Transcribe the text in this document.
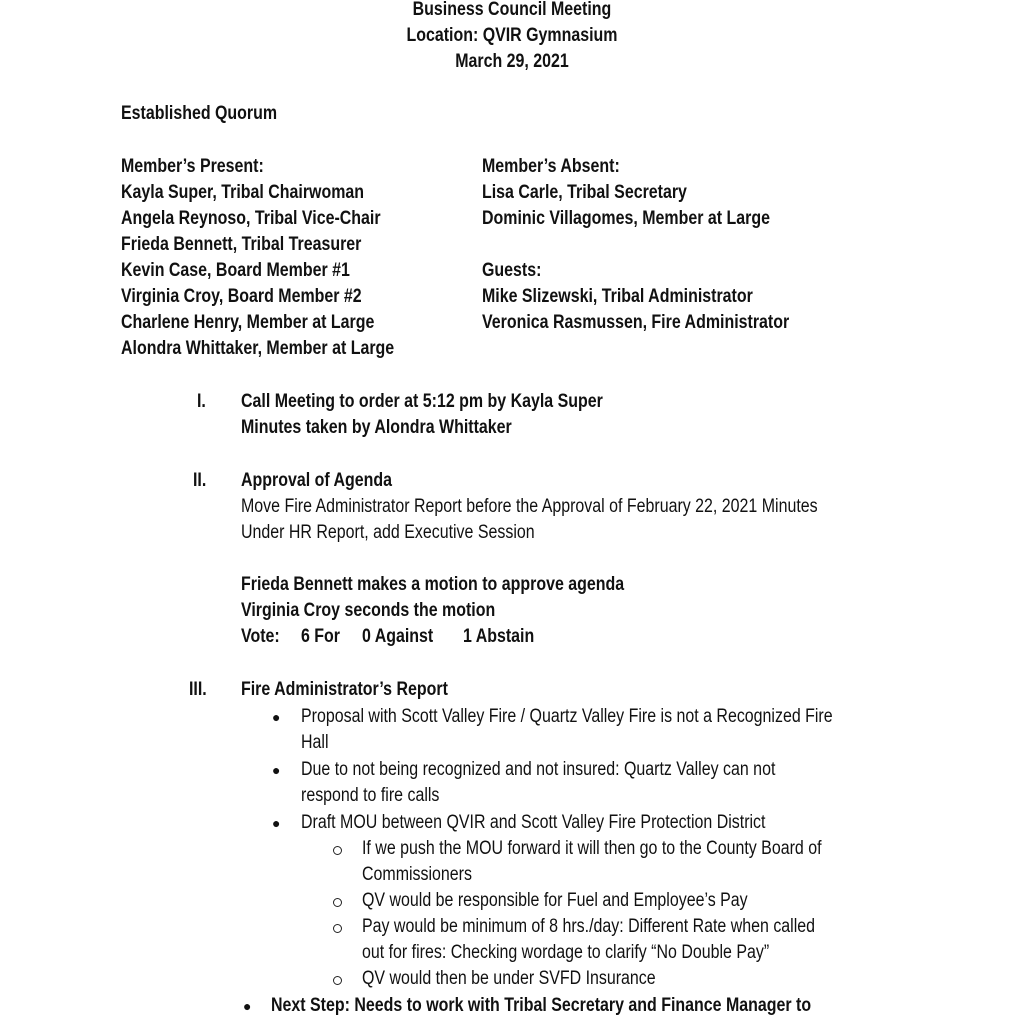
Business Council Meeting
Location: QVIR Gymnasium
March 29, 2021
Established Quorum
Member’s Present:
Kayla Super, Tribal Chairwoman
Angela Reynoso, Tribal Vice-Chair
Frieda Bennett, Tribal Treasurer
Kevin Case, Board Member #1
Virginia Croy, Board Member #2
Charlene Henry, Member at Large
Alondra Whittaker, Member at Large
Member’s Absent:
Lisa Carle, Tribal Secretary
Dominic Villagomes, Member at Large
Guests:
Mike Slizewski, Tribal Administrator
Veronica Rasmussen, Fire Administrator
I. Call Meeting to order at 5:12 pm by Kayla Super
Minutes taken by Alondra Whittaker
II. Approval of Agenda
Move Fire Administrator Report before the Approval of February 22, 2021 Minutes
Under HR Report, add Executive Session
Frieda Bennett makes a motion to approve agenda
Virginia Croy seconds the motion
Vote: 6 For 0 Against 1 Abstain
III. Fire Administrator’s Report
● Proposal with Scott Valley Fire / Quartz Valley Fire is not a Recognized Fire
Hall
● Due to not being recognized and not insured: Quartz Valley can not
respond to fire calls
● Draft MOU between QVIR and Scott Valley Fire Protection District
If we push the MOU forward it will then go to the County Board of
Commissioners
QV would be responsible for Fuel and Employee’s Pay
Pay would be minimum of 8 hrs./day: Different Rate when called
out for fires: Checking wordage to clarify “No Double Pay”
QV would then be under SVFD Insurance
● Next Step: Needs to work with Tribal Secretary and Finance Manager to
